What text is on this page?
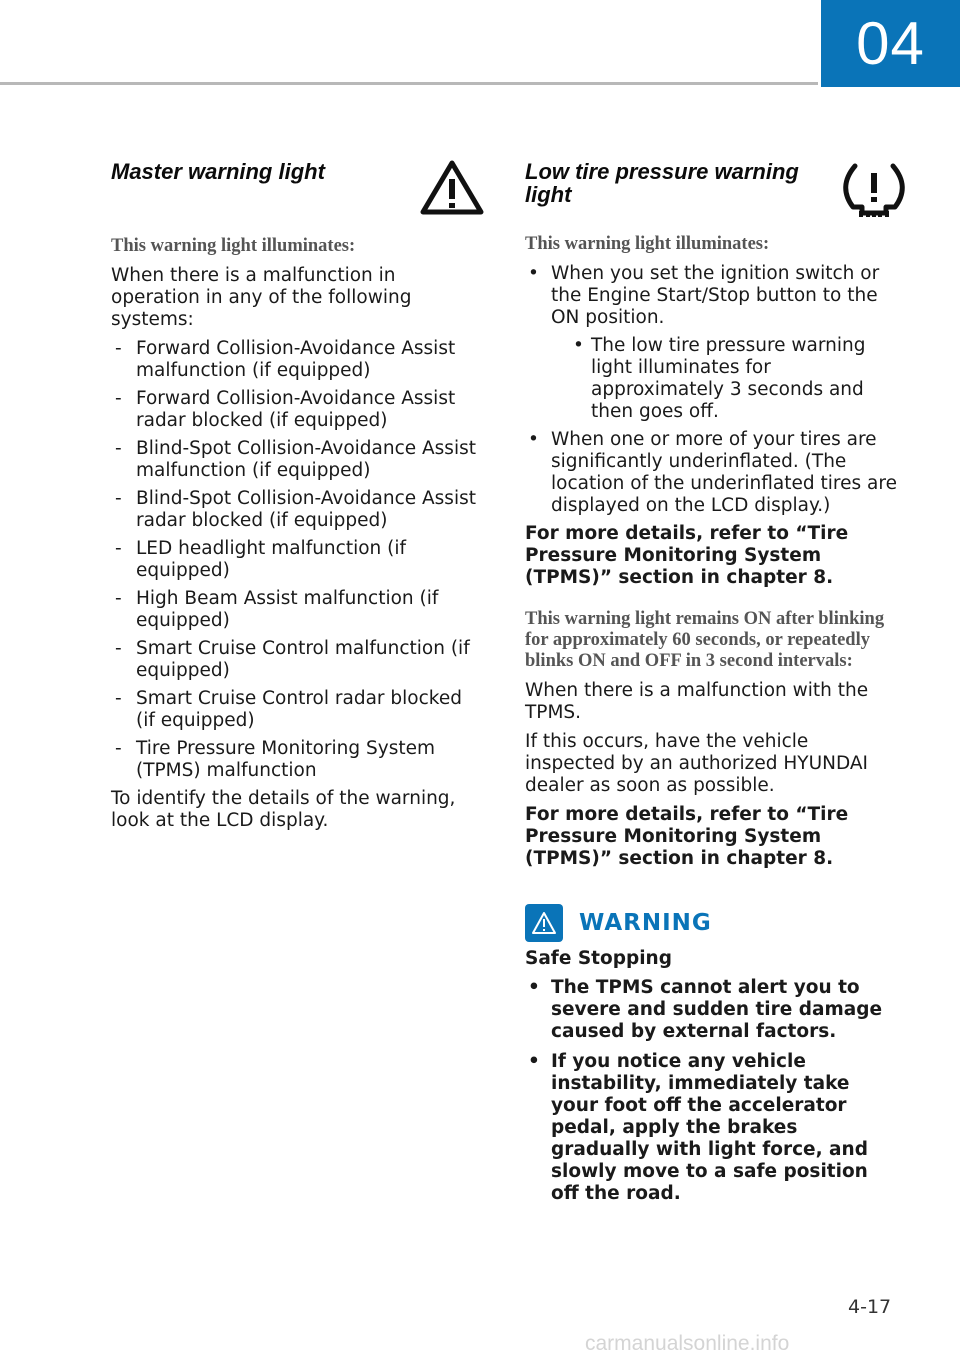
04
Master warning light
This warning light illuminates:

When there is a malfunction in operation in any of the following systems:

- Forward Collision-Avoidance Assist malfunction (if equipped)
- Forward Collision-Avoidance Assist radar blocked (if equipped)
- Blind-Spot Collision-Avoidance Assist malfunction (if equipped)
- Blind-Spot Collision-Avoidance Assist radar blocked (if equipped)
- LED headlight malfunction (if equipped)
- High Beam Assist malfunction (if equipped)
- Smart Cruise Control malfunction (if equipped)
- Smart Cruise Control radar blocked (if equipped)
- Tire Pressure Monitoring System (TPMS) malfunction

To identify the details of the warning, look at the LCD display.

Low tire pressure warning
light
This warning light illuminates:
• When you set the ignition switch or the Engine Start/Stop button to the ON position.
• The low tire pressure warning light illuminates for approximately 3 seconds and then goes off.
• When one or more of your tires are significantly underinflated. (The location of the underinflated tires are displayed on the LCD display.)

For more details, refer to “Tire Pressure Monitoring System (TPMS)” section in chapter 8.

This warning light remains ON after blinking for approximately 60 seconds, or repeatedly blinks ON and OFF in 3 second intervals:

When there is a malfunction with the TPMS.

If this occurs, have the vehicle inspected by an authorized HYUNDAI dealer as soon as possible.

For more details, refer to “Tire Pressure Monitoring System (TPMS)” section in chapter 8.

WARNING

Safe Stopping

• The TPMS cannot alert you to severe and sudden tire damage caused by external factors.
• If you notice any vehicle instability, immediately take your foot off the accelerator pedal, apply the brakes gradually with light force, and slowly move to a safe position off the road.
4-17
carmanualsonline.info
